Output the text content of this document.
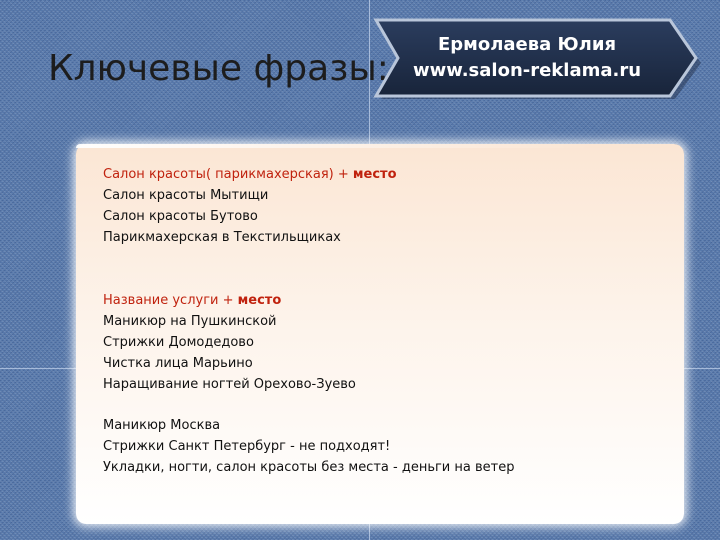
Ключевые фразы:
Ермолаева Юлия
www.salon-reklama.ru
Салон красоты( парикмахерская) + место
Салон красоты Мытищи
Салон красоты Бутово
Парикмахерская в Текстильщиках
Название услуги + место
Маникюр на Пушкинской
Стрижки Домодедово
Чистка лица Марьино
Наращивание ногтей Орехово-Зуево
Маникюр Москва
Стрижки Санкт Петербург - не подходят!
Укладки, ногти, салон красоты без места - деньги на ветер
